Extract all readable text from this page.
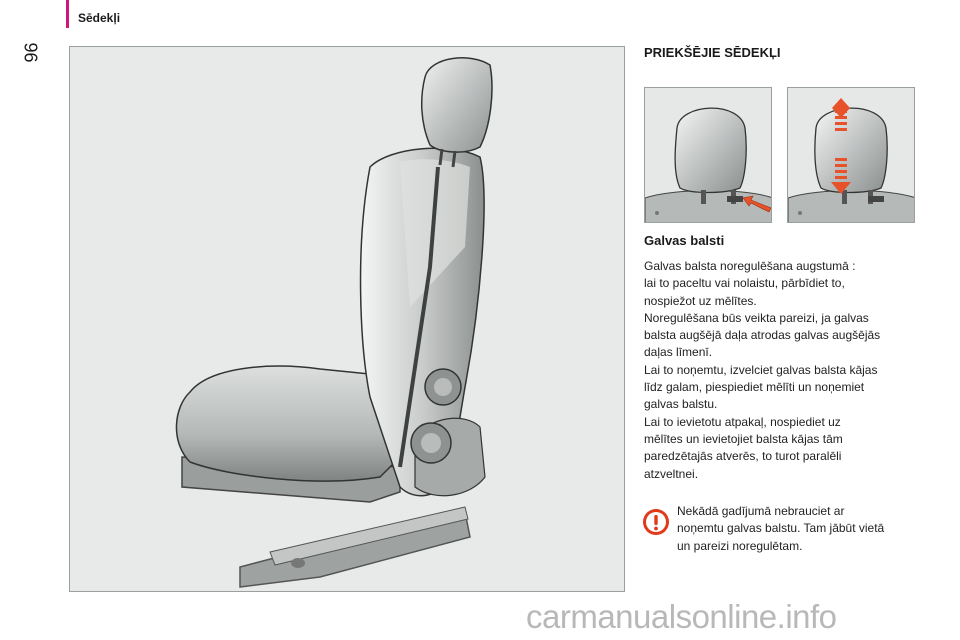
Sēdekļi
96	PRIEKŠĒJIE SĒDEKĻI
Galvas balsti
Galvas balsta noregulēšana augstumā :
lai to paceltu vai nolaistu, pārbīdiet to,
nospiežot uz mēlītes.
Noregulēšana būs veikta pareizi, ja galvas
balsta augšējā daļa atrodas galvas augšējās
daļas līmenī.
Lai to noņemtu, izvelciet galvas balsta kājas
līdz galam, piespiediet mēlīti un noņemiet
galvas balstu.
Lai to ievietotu atpakaļ, nospiediet uz
mēlītes un ievietojiet balsta kājas tām
paredzētajās atverēs, to turot paralēli
atzveltnei.
Nekādā gadījumā nebrauciet ar
noņemtu galvas balstu. Tam jābūt vietā
un pareizi noregulētam.
carmanualsonline.info
